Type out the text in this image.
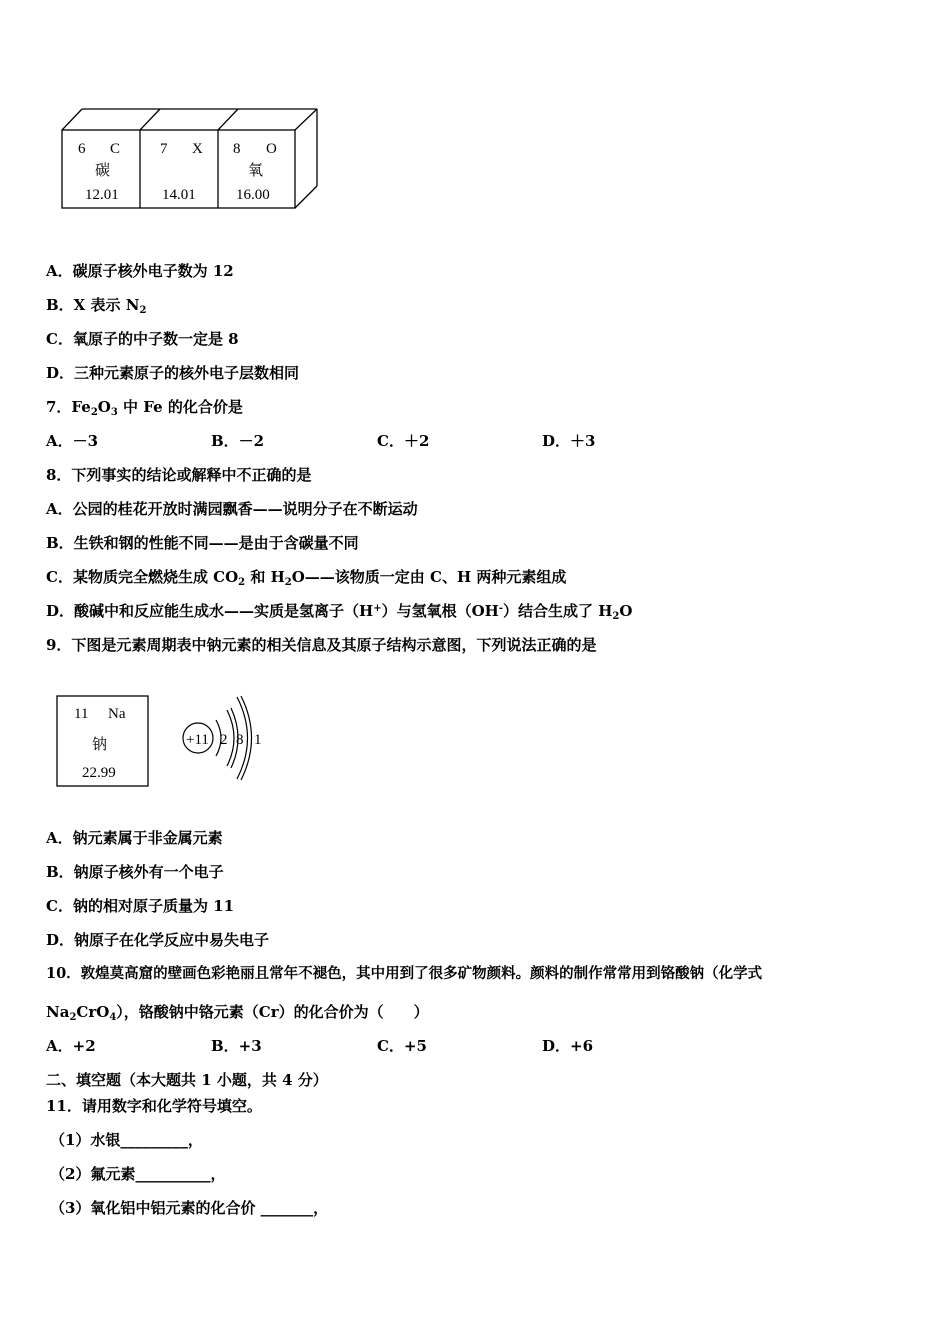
6 C
碳
12.01
7 X
14.01
8 O
氧
16.00
A．碳原子核外电子数为 12
B．X 表示 $N_2$
C．氧原子的中子数一定是 8
D．三种元素原子的核外电子层数相同
7．$Fe_2O_3$ 中 Fe 的化合价是
A．－3	B．－2	C．＋2	D．＋3
8．下列事实的结论或解释中不正确的是
A．公园的桂花开放时满园飘香——说明分子在不断运动
B．生铁和钢的性能不同——是由于含碳量不同
C．某物质完全燃烧生成 $CO_2$ 和 $H_2O——$该物质一定由 C、H 两种元素组成
D．酸碱中和反应能生成水——实质是氢离子（H+）与氢氧根（OH-）结合生成了 $H_2O$
9．下图是元素周期表中钠元素的相关信息及其原子结构示意图，下列说法正确的是
11 Na
钠
22.99
+11 2 8 1
A．钠元素属于非金属元素
B．钠原子核外有一个电子
C．钠的相对原子质量为 11
D．钠原子在化学反应中易失电子
10．敦煌莫高窟的壁画色彩艳丽且常年不褪色，其中用到了很多矿物颜料。颜料的制作常常用到铬酸钠（化学式
$Na_2CrO_4$），铬酸钠中铬元素（Cr）的化合价为（　　）
A．+2	B．+3	C．+5	D．+6
二、填空题（本大题共 1 小题，共 4 分）
11．请用数字和化学符号填空。
（1）水银_________，
（2）氟元素__________，
（3）氧化铝中铝元素的化合价 _______，
